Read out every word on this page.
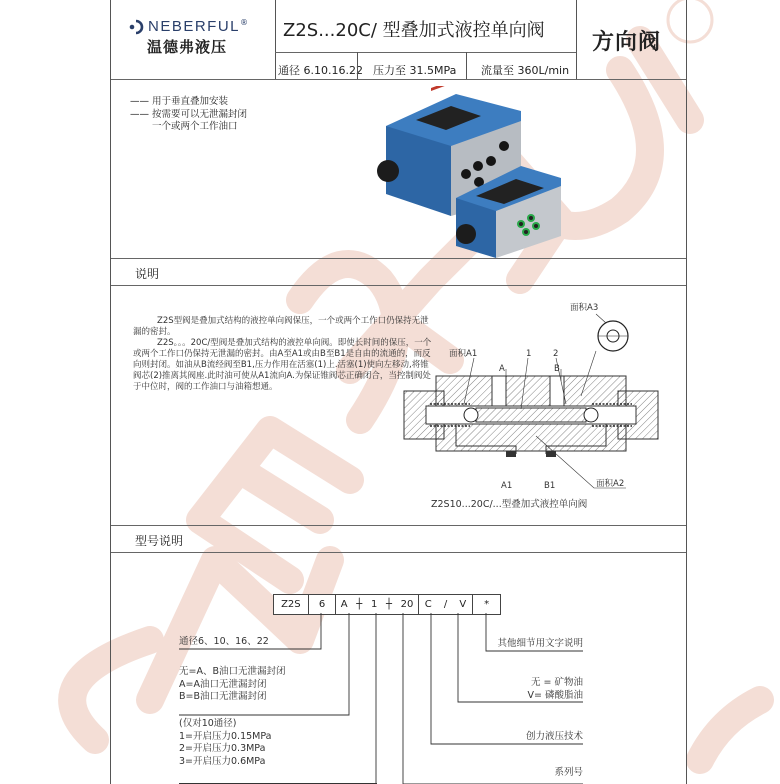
NEBERFUL ®
温德弗液压
Z2S...20C/ 型叠加式液控单向阀
通径 6.10.16.22 压力至 31.5MPa 流量至 360L/min
方向阀
—— 用于垂直叠加安装
—— 按需要可以无泄漏封闭
一个或两个工作油口
说明
Z2S型阀是叠加式结构的液控单向阀保压，一个或两个工作口仍保持无泄漏的密封。
Z2S。。。20C/型阀是叠加式结构的液控单向阀。即使长时间的保压，一个或两个工作口仍保持无泄漏的密封。由A至A1或由B至B1是自由的流通的，而反向则封闭。如油从B流经阀至B1,压力作用在活塞(1)上.活塞(1)使向左移动,将锥阀芯(2)推离其阀座.此时油可使从A1流向A.为保证锥阀芯正确闭合，当控制阀处于中位时，阀的工作油口与油箱想通。
面积A3
面积A1	1	2
A	B
A1	B1	面积A2
Z2S10...20C/...型叠加式液控单向阀
型号说明
Z2S	6	A ┼ 1 ┼ 20 C / V	*
通径6、10、16、22
无=A、B油口无泄漏封闭
A=A油口无泄漏封闭
B=B油口无泄漏封闭
(仅对10通径)
1=开启压力0.15MPa
2=开启压力0.3MPa
3=开启压力0.6MPa
其他细节用文字说明
无 = 矿物油
V= 磷酸脂油
创力液压技术
系列号
